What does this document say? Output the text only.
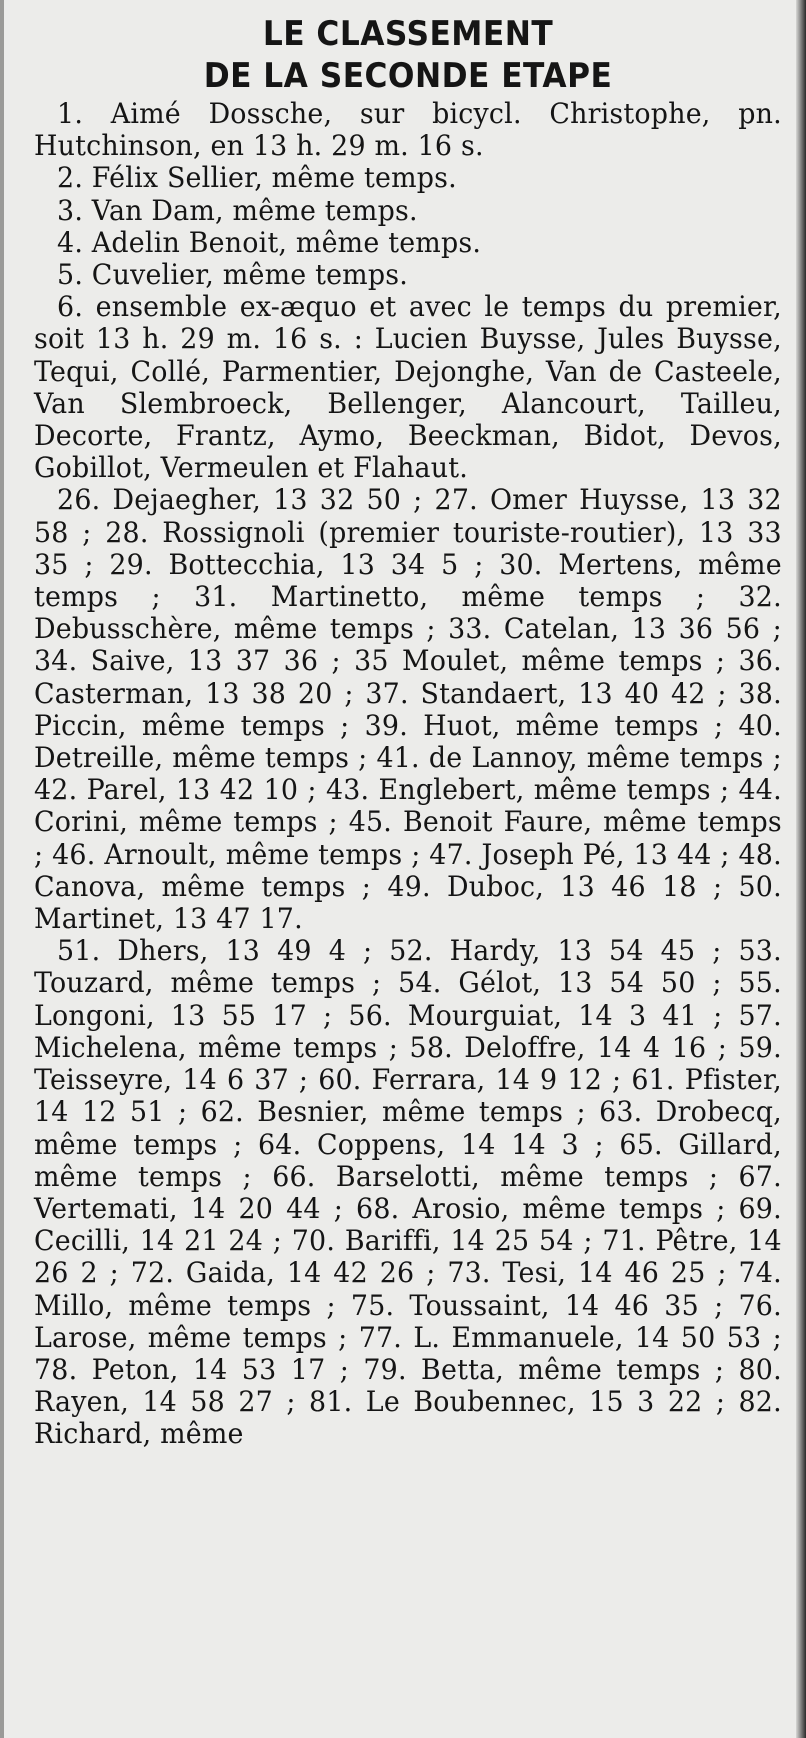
LE CLASSEMENT
DE LA SECONDE ETAPE

1. Aimé Dossche, sur bicycl. Christophe, pn. Hutchinson, en 13 h. 29 m. 16 s.

2. Félix Sellier, même temps.

3. Van Dam, même temps.

4. Adelin Benoit, même temps.

5. Cuvelier, même temps.

6. ensemble ex-æquo et avec le temps du premier, soit 13 h. 29 m. 16 s. : Lucien Buysse, Jules Buysse, Tequi, Collé, Parmentier, Dejonghe, Van de Casteele, Van Slembroeck, Bellenger, Alancourt, Tailleu, Decorte, Frantz, Aymo, Beeckman, Bidot, Devos, Gobillot, Vermeulen et Flahaut.

26. Dejaegher, 13 32 50 ; 27. Omer Huysse, 13 32 58 ; 28. Rossignoli (premier touriste-routier), 13 33 35 ; 29. Bottecchia, 13 34 5 ; 30. Mertens, même temps ; 31. Martinetto, même temps ; 32. Debusschère, même temps ; 33. Catelan, 13 36 56 ; 34. Saive, 13 37 36 ; 35 Moulet, même temps ; 36. Casterman, 13 38 20 ; 37. Standaert, 13 40 42 ; 38. Piccin, même temps ; 39. Huot, même temps ; 40. Detreille, même temps ; 41. de Lannoy, même temps ; 42. Parel, 13 42 10 ; 43. Englebert, même temps ; 44. Corini, même temps ; 45. Benoit Faure, même temps ; 46. Arnoult, même temps ; 47. Joseph Pé, 13 44 ; 48. Canova, même temps ; 49. Duboc, 13 46 18 ; 50. Martinet, 13 47 17.

51. Dhers, 13 49 4 ; 52. Hardy, 13 54 45 ; 53. Touzard, même temps ; 54. Gélot, 13 54 50 ; 55. Longoni, 13 55 17 ; 56. Mourguiat, 14 3 41 ; 57. Michelena, même temps ; 58. Deloffre, 14 4 16 ; 59. Teisseyre, 14 6 37 ; 60. Ferrara, 14 9 12 ; 61. Pfister, 14 12 51 ; 62. Besnier, même temps ; 63. Drobecq, même temps ; 64. Coppens, 14 14 3 ; 65. Gillard, même temps ; 66. Barselotti, même temps ; 67. Vertemati, 14 20 44 ; 68. Arosio, même temps ; 69. Cecilli, 14 21 24 ; 70. Bariffi, 14 25 54 ; 71. Pêtre, 14 26 2 ; 72. Gaida, 14 42 26 ; 73. Tesi, 14 46 25 ; 74. Millo, même temps ; 75. Toussaint, 14 46 35 ; 76. Larose, même temps ; 77. L. Emmanuele, 14 50 53 ; 78. Peton, 14 53 17 ; 79. Betta, même temps ; 80. Rayen, 14 58 27 ; 81. Le Boubennec, 15 3 22 ; 82. Richard, même
